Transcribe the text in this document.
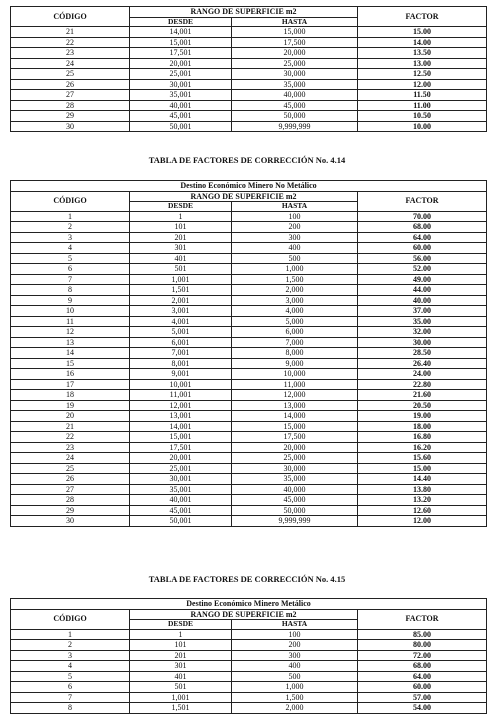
CÓDIGO	RANGO DE SUPERFICIE m2		FACTOR
	DESDE	HASTA	
21	14,001	15,000	15.00
22	15,001	17,500	14.00
23	17,501	20,000	13.50
24	20,001	25,000	13.00
25	25,001	30,000	12.50
26	30,001	35,000	12.00
27	35,001	40,000	11.50
28	40,001	45,000	11.00
29	45,001	50,000	10.50
30	50,001	9,999,999	10.00
TABLA DE FACTORES DE CORRECCIÓN No. 4.14
Destino Económico Minero No Metálico			
CÓDIGO	RANGO DE SUPERFICIE m2		FACTOR
	DESDE	HASTA	
1	1	100	70.00
2	101	200	68.00
3	201	300	64.00
4	301	400	60.00
5	401	500	56.00
6	501	1,000	52.00
7	1,001	1,500	49.00
8	1,501	2,000	44.00
9	2,001	3,000	40.00
10	3,001	4,000	37.00
11	4,001	5,000	35.00
12	5,001	6,000	32.00
13	6,001	7,000	30.00
14	7,001	8,000	28.50
15	8,001	9,000	26.40
16	9,001	10,000	24.00
17	10,001	11,000	22.80
18	11,001	12,000	21.60
19	12,001	13,000	20.50
20	13,001	14,000	19.00
21	14,001	15,000	18.00
22	15,001	17,500	16.80
23	17,501	20,000	16.20
24	20,001	25,000	15.60
25	25,001	30,000	15.00
26	30,001	35,000	14.40
27	35,001	40,000	13.80
28	40,001	45,000	13.20
29	45,001	50,000	12.60
30	50,001	9,999,999	12.00
TABLA DE FACTORES DE CORRECCIÓN No. 4.15
Destino Económico Minero Metálico			
CÓDIGO	RANGO DE SUPERFICIE m2		FACTOR
	DESDE	HASTA	
1	1	100	85.00
2	101	200	80.00
3	201	300	72.00
4	301	400	68.00
5	401	500	64.00
6	501	1,000	60.00
7	1,001	1,500	57.00
8	1,501	2,000	54.00
